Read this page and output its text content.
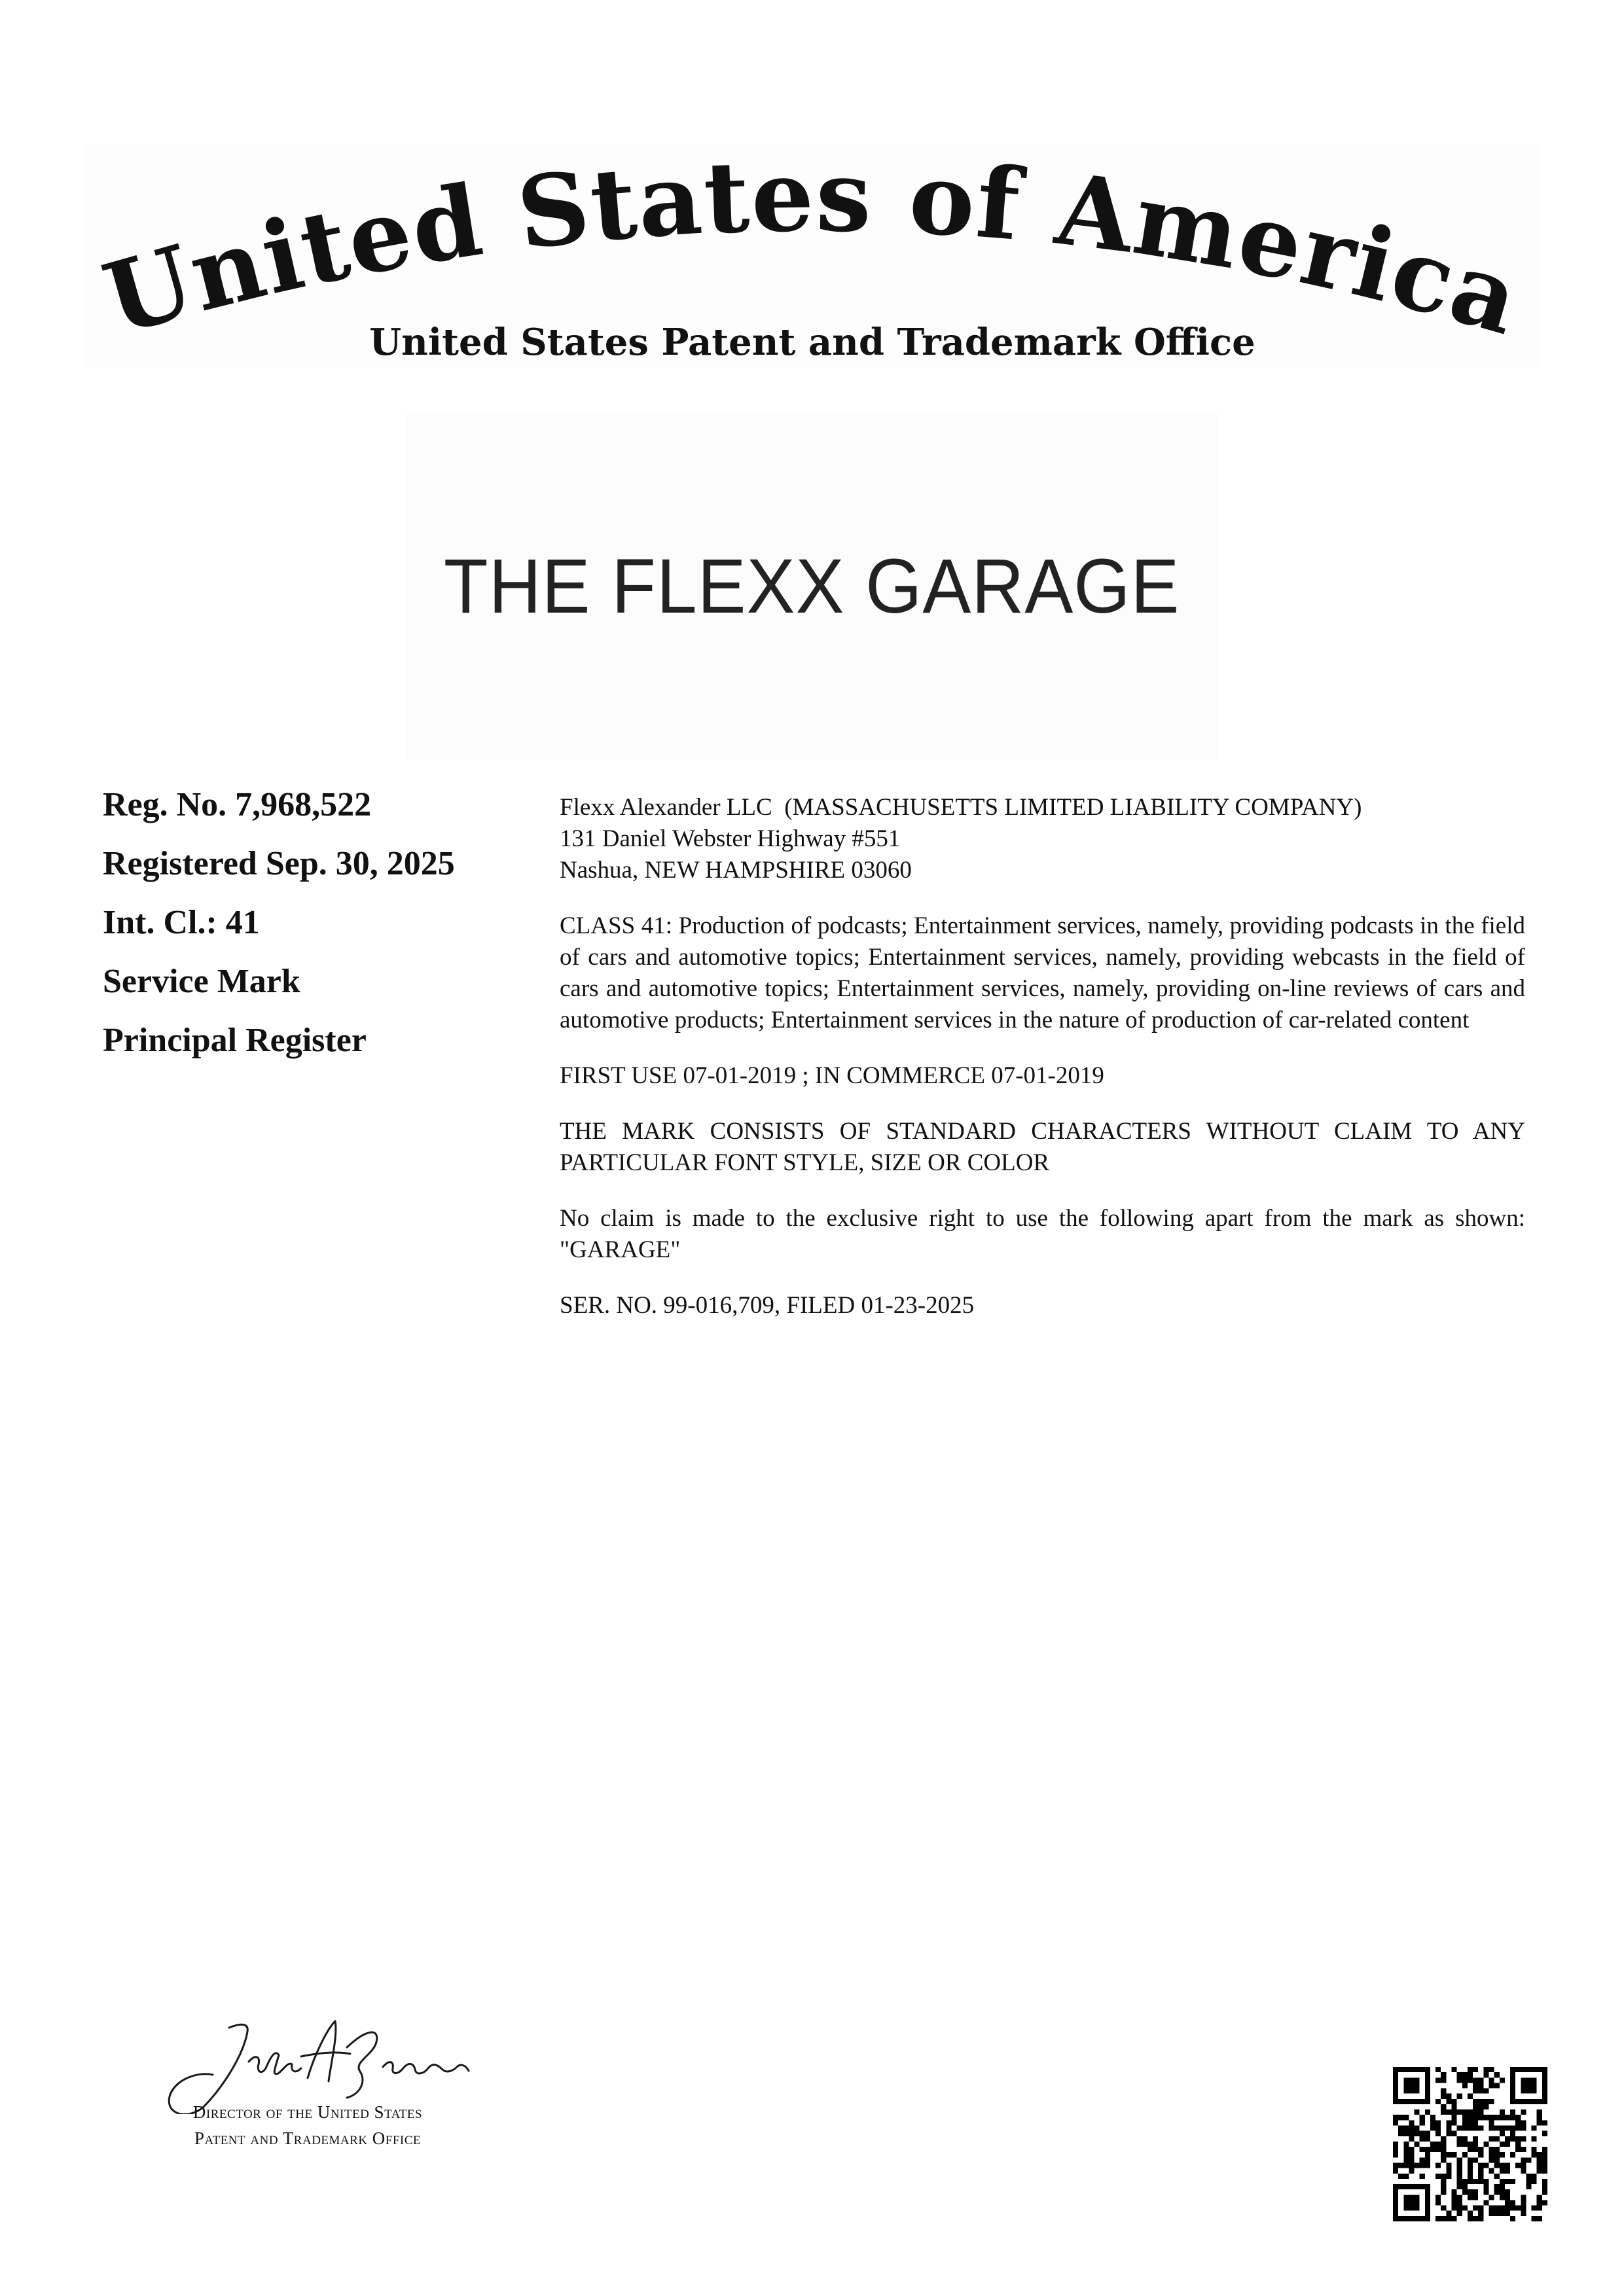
United States of America
United States Patent and Trademark Office
THE FLEXX GARAGE
Reg. No. 7,968,522
Registered Sep. 30, 2025
Int. Cl.: 41
Service Mark
Principal Register
Flexx Alexander LLC  (MASSACHUSETTS LIMITED LIABILITY COMPANY)
131 Daniel Webster Highway #551
Nashua, NEW HAMPSHIRE 03060
CLASS 41: Production of podcasts; Entertainment services, namely, providing podcasts in the field of cars and automotive topics; Entertainment services, namely, providing webcasts in the field of cars and automotive topics; Entertainment services, namely, providing on-line reviews of cars and automotive products; Entertainment services in the nature of production of car-related content
FIRST USE 07-01-2019 ; IN COMMERCE 07-01-2019
THE MARK CONSISTS OF STANDARD CHARACTERS WITHOUT CLAIM TO ANY PARTICULAR FONT STYLE, SIZE OR COLOR
No claim is made to the exclusive right to use the following apart from the mark as shown: "GARAGE"
SER. NO. 99-016,709, FILED 01-23-2025
Director of the United States
Patent and Trademark Office
